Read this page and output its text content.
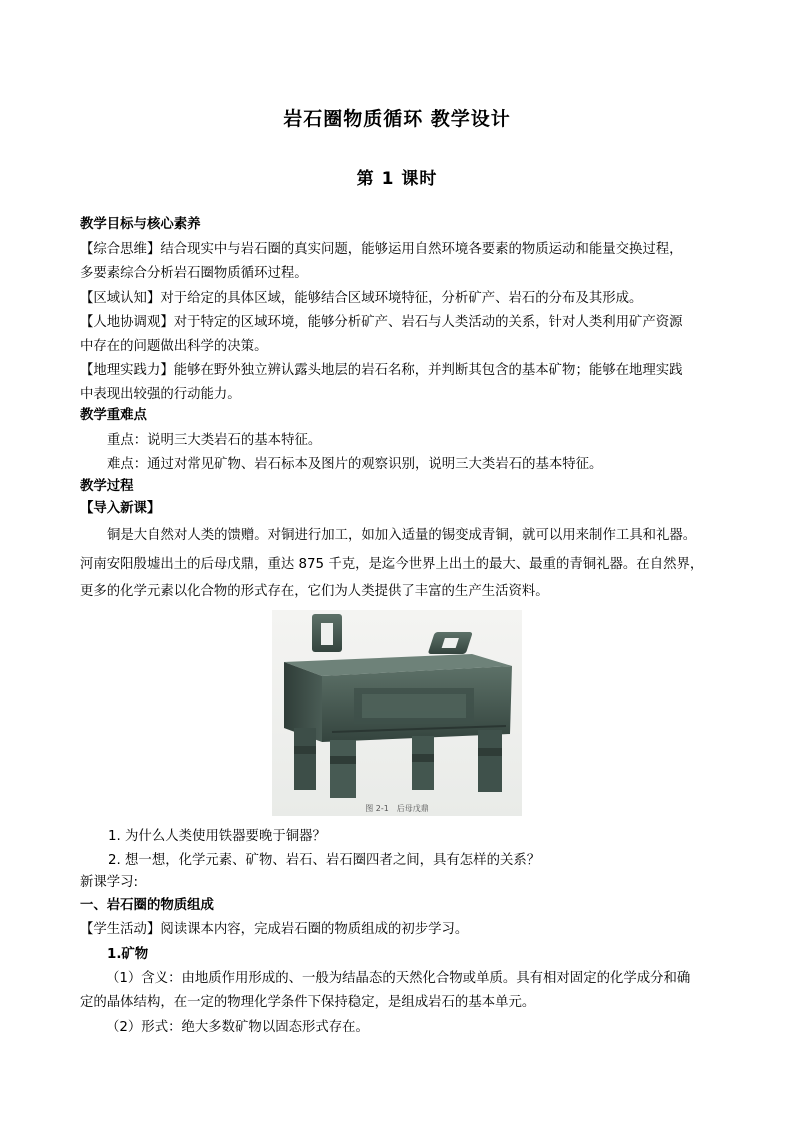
岩石圈物质循环 教学设计
第 1 课时
教学目标与核心素养
【综合思维】结合现实中与岩石圈的真实问题，能够运用自然环境各要素的物质运动和能量交换过程，
多要素综合分析岩石圈物质循环过程。
【区域认知】对于给定的具体区域，能够结合区域环境特征，分析矿产、岩石的分布及其形成。
【人地协调观】对于特定的区域环境，能够分析矿产、岩石与人类活动的关系，针对人类利用矿产资源
中存在的问题做出科学的决策。
【地理实践力】能够在野外独立辨认露头地层的岩石名称，并判断其包含的基本矿物；能够在地理实践
中表现出较强的行动能力。
教学重难点
重点：说明三大类岩石的基本特征。
难点：通过对常见矿物、岩石标本及图片的观察识别，说明三大类岩石的基本特征。
教学过程
【导入新课】
铜是大自然对人类的馈赠。对铜进行加工，如加入适量的锡变成青铜，就可以用来制作工具和礼器。
河南安阳殷墟出土的后母戊鼎，重达 875 千克，是迄今世界上出土的最大、最重的青铜礼器。在自然界，
更多的化学元素以化合物的形式存在，它们为人类提供了丰富的生产生活资料。
图 2-1　后母戊鼎
1. 为什么人类使用铁器要晚于铜器？
2. 想一想，化学元素、矿物、岩石、岩石圈四者之间，具有怎样的关系？
新课学习:
一、岩石圈的物质组成
【学生活动】阅读课本内容，完成岩石圈的物质组成的初步学习。
1.矿物
（1）含义：由地质作用形成的、一般为结晶态的天然化合物或单质。具有相对固定的化学成分和确
定的晶体结构，在一定的物理化学条件下保持稳定，是组成岩石的基本单元。
（2）形式：绝大多数矿物以固态形式存在。
